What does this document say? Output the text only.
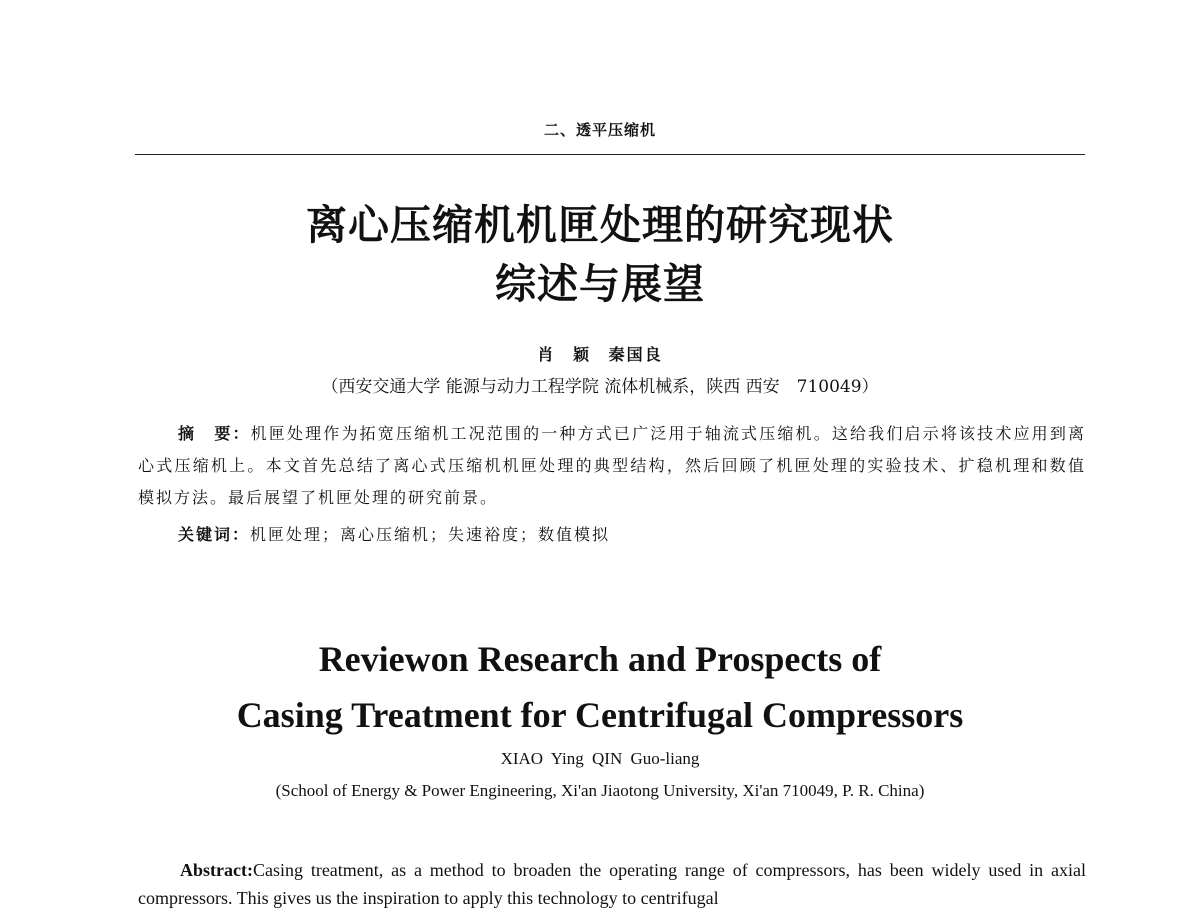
二、透平压缩机
离心压缩机机匣处理的研究现状
综述与展望
肖 颖 秦国良
（西安交通大学 能源与动力工程学院 流体机械系，陕西 西安　710049）
摘　要：机匣处理作为拓宽压缩机工况范围的一种方式已广泛用于轴流式压缩机。这给我们启示将该技术应用到离心式压缩机上。本文首先总结了离心式压缩机机匣处理的典型结构，然后回顾了机匣处理的实验技术、扩稳机理和数值模拟方法。最后展望了机匣处理的研究前景。
关键词：机匣处理；离心压缩机；失速裕度；数值模拟
Reviewon Research and Prospects of
Casing Treatment for Centrifugal Compressors
XIAO Ying QIN Guo-liang
(School of Energy & Power Engineering, Xi'an Jiaotong University, Xi'an 710049, P. R. China)
Abstract:Casing treatment, as a method to broaden the operating range of compressors, has been widely used in axial compressors. This gives us the inspiration to apply this technology to centrifugal
